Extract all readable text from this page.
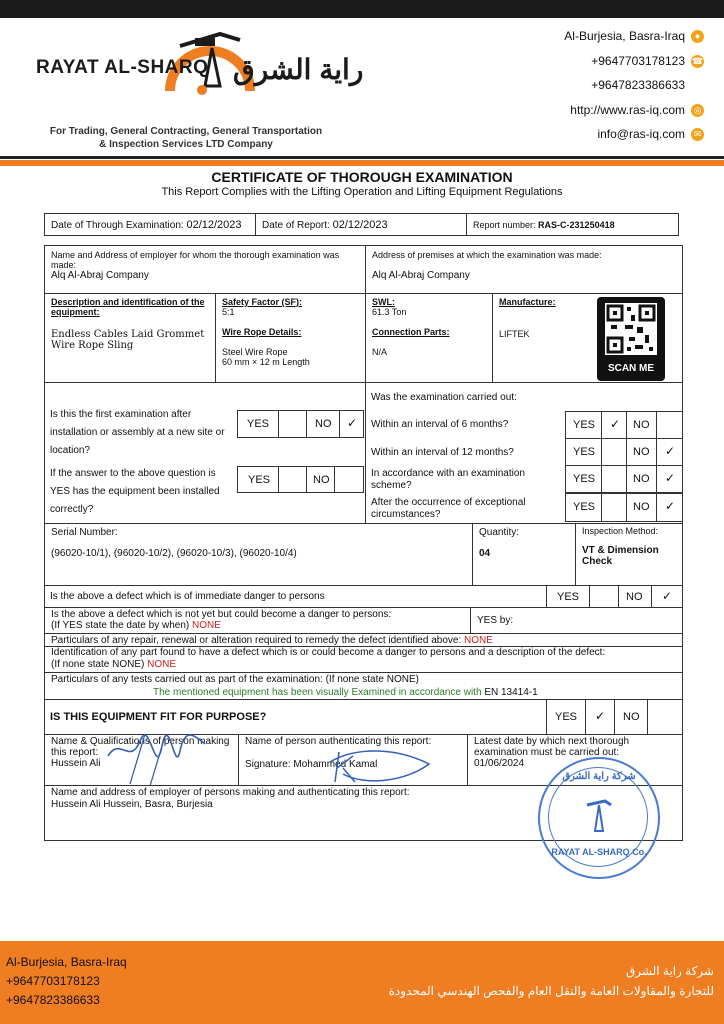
RAYAT AL-SHARQ راية الشرق
For Trading, General Contracting, General Transportation
& Inspection Services LTD Company
Al-Burjesia, Basra-Iraq ●
+9647703178123 ☎
+9647823386633
http://www.ras-iq.com ◎
info@ras-iq.com ✉
CERTIFICATE OF THOROUGH EXAMINATION
This Report Complies with the Lifting Operation and Lifting Equipment Regulations
Date of Through Examination: 02/12/2023	Date of Report: 02/12/2023	Report number: RAS-C-231250418
Name and Address of employer for whom the thorough examination was made:
Alq Al-Abraj Company
Address of premises at which the examination was made:
Alq Al-Abraj Company
Description and identification of the equipment:
Endless Cables Laid Grommet Wire Rope Sling
Safety Factor (SF):
5:1
Wire Rope Details:
Steel Wire Rope
60 mm × 12 m Length
SWL:
61.3 Ton
Connection Parts:
N/A
Manufacture:
LIFTEK
SCAN ME
Is this the first examination after installation or assembly at a new site or location?
YES	NO	✓
If the answer to the above question is YES has the equipment been installed correctly?
YES	NO
Was the examination carried out:
Within an interval of 6 months?	YES	✓	NO
Within an interval of 12 months?	YES	NO	✓
In accordance with an examination scheme?
YES	NO	✓
After the occurrence of exceptional circumstances?
YES	NO	✓
Serial Number:
(96020-10/1), (96020-10/2), (96020-10/3), (96020-10/4)
Quantity:
04
Inspection Method:
VT & Dimension Check
Is the above a defect which is of immediate danger to persons	YES	NO	✓
Is the above a defect which is not yet but could become a danger to persons:
(If YES state the date by when) NONE	YES by:
Particulars of any repair, renewal or alteration required to remedy the defect identified above: NONE
Identification of any part found to have a defect which is or could become a danger to persons and a description of the defect:
(If none state NONE) NONE
Particulars of any tests carried out as part of the examination: (If none state NONE)
The mentioned equipment has been visually Examined in accordance with EN 13414-1
IS THIS EQUIPMENT FIT FOR PURPOSE?	YES	✓	NO
Name & Qualifications of person making this report:
Hussein Ali
Name of person authenticating this report:
Signature: Mohammed Kamal
Latest date by which next thorough examination must be carried out:
01/06/2024
Name and address of employer of persons making and authenticating this report:
Hussein Ali Hussein, Basra, Burjesia
شركة راية الشرق
RAYAT AL-SHARQ Co.
Al-Burjesia, Basra-Iraq
+9647703178123
+9647823386633
شركة راية الشرق
للتجارة والمقاولات العامة والنقل العام والفحص الهندسي المحدودة
